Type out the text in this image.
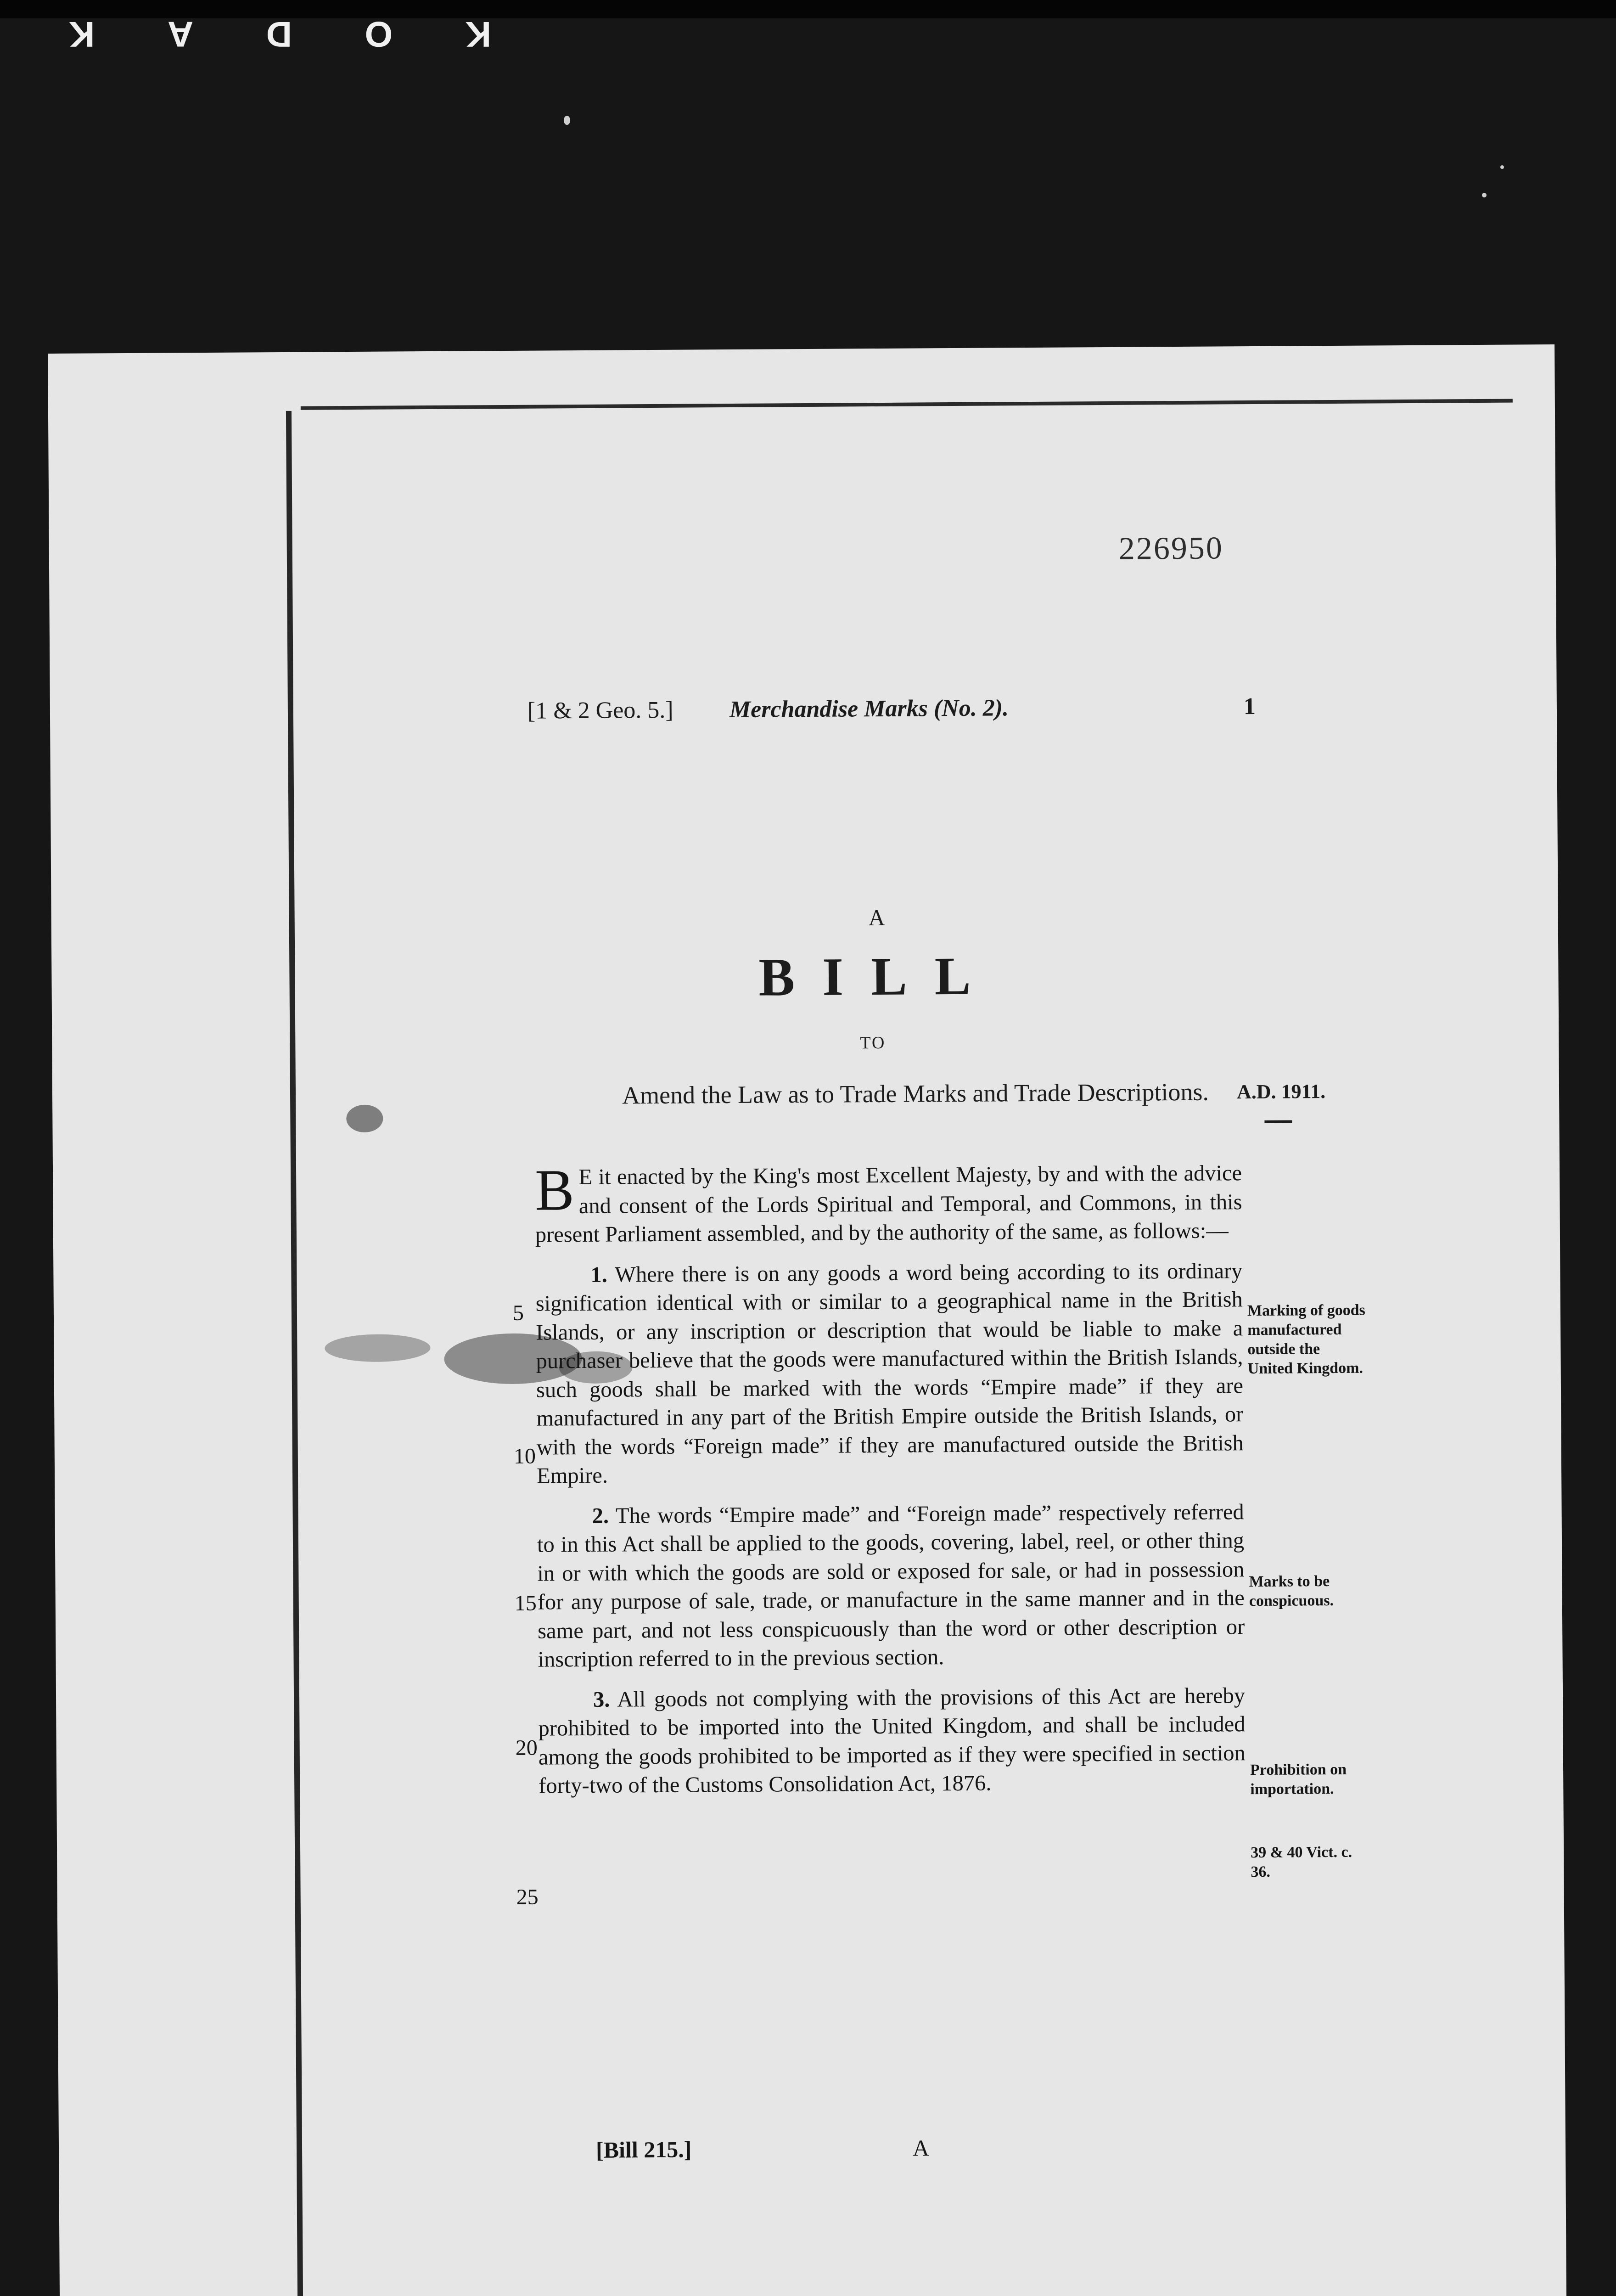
K
O
D
A
K
226950
[1 & 2 Geo. 5.] Merchandise Marks (No. 2).	1
A
BILL
TO
Amend the Law as to Trade Marks and Trade Descriptions.	A.D. 1911.

B E it enacted by the King's most Excellent Majesty, by and with the advice and consent of the Lords Spiritual and Temporal, and Commons, in this present Parliament assembled, and by the authority of the same, as follows:—

1. Where there is on any goods a word being according to its ordinary signification identical with or similar to a geographical name in the British Islands, or any inscription or description that would be liable to make a purchaser believe that the goods were manufactured within the British Islands, such goods shall be marked with the words “Empire made” if they are manufactured in any part of the British Empire outside the British Islands, or with the words “Foreign made” if they are manufactured outside the British Empire.

2. The words “Empire made” and “Foreign made” respectively referred to in this Act shall be applied to the goods, covering, label, reel, or other thing in or with which the goods are sold or exposed for sale, or had in possession for any purpose of sale, trade, or manufacture in the same manner and in the same part, and not less conspicuously than the word or other description or inscription referred to in the previous section.

3. All goods not complying with the provisions of this Act are hereby prohibited to be imported into the United Kingdom, and shall be included among the goods prohibited to be imported as if they were specified in section forty-two of the Customs Consolidation Act, 1876.

5
10
15
20
25
Marking of goods manufactured outside the United Kingdom.
Marks to be conspicuous.
Prohibition on importation.
39 & 40 Vict. c. 36.
[Bill 215.]	A
